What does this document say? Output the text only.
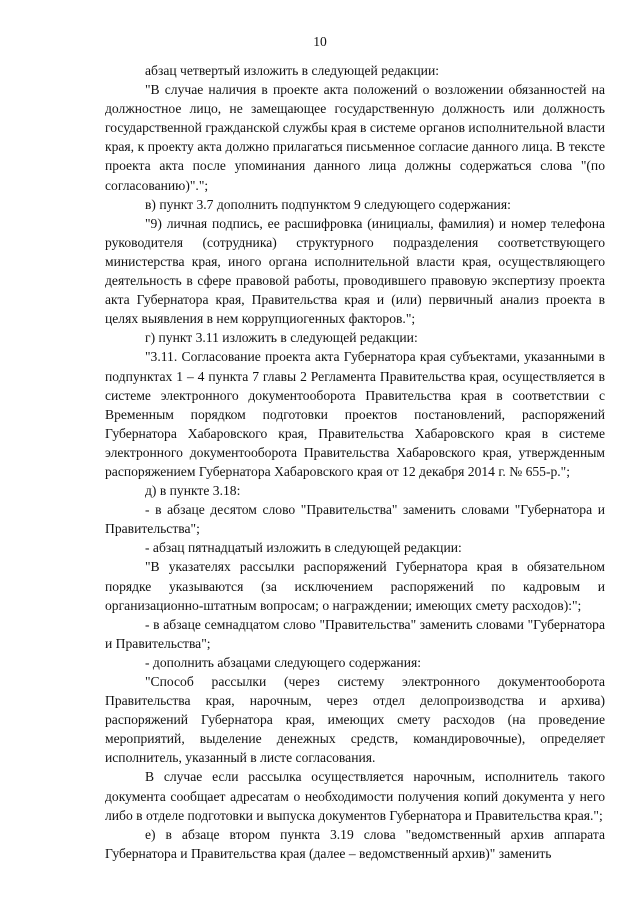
10

абзац четвертый изложить в следующей редакции:

"В случае наличия в проекте акта положений о возложении обязанностей на должностное лицо, не замещающее государственную должность или должность государственной гражданской службы края в системе органов исполнительной власти края, к проекту акта должно прилагаться письменное согласие данного лица. В тексте проекта акта после упоминания данного лица должны содержаться слова "(по согласованию)".";

в) пункт 3.7 дополнить подпунктом 9 следующего содержания:

"9) личная подпись, ее расшифровка (инициалы, фамилия) и номер телефона руководителя (сотрудника) структурного подразделения соответствующего министерства края, иного органа исполнительной власти края, осуществляющего деятельность в сфере правовой работы, проводившего правовую экспертизу проекта акта Губернатора края, Правительства края и (или) первичный анализ проекта в целях выявления в нем коррупциогенных факторов.";

г) пункт 3.11 изложить в следующей редакции:

"3.11. Согласование проекта акта Губернатора края субъектами, указанными в подпунктах 1 – 4 пункта 7 главы 2 Регламента Правительства края, осуществляется в системе электронного документооборота Правительства края в соответствии с Временным порядком подготовки проектов постановлений, распоряжений Губернатора Хабаровского края, Правительства Хабаровского края в системе электронного документооборота Правительства Хабаровского края, утвержденным распоряжением Губернатора Хабаровского края от 12 декабря 2014 г. № 655-р.";

д) в пункте 3.18:

- в абзаце десятом слово "Правительства" заменить словами "Губернатора и Правительства";

- абзац пятнадцатый изложить в следующей редакции:

"В указателях рассылки распоряжений Губернатора края в обязательном порядке указываются (за исключением распоряжений по кадровым и организационно-штатным вопросам; о награждении; имеющих смету расходов):";

- в абзаце семнадцатом слово "Правительства" заменить словами "Губернатора и Правительства";

- дополнить абзацами следующего содержания:

"Способ рассылки (через систему электронного документооборота Правительства края, нарочным, через отдел делопроизводства и архива) распоряжений Губернатора края, имеющих смету расходов (на проведение мероприятий, выделение денежных средств, командировочные), определяет исполнитель, указанный в листе согласования.

В случае если рассылка осуществляется нарочным, исполнитель такого документа сообщает адресатам о необходимости получения копий документа у него либо в отделе подготовки и выпуска документов Губернатора и Правительства края.";

е) в абзаце втором пункта 3.19 слова "ведомственный архив аппарата Губернатора и Правительства края (далее – ведомственный архив)" заменить
